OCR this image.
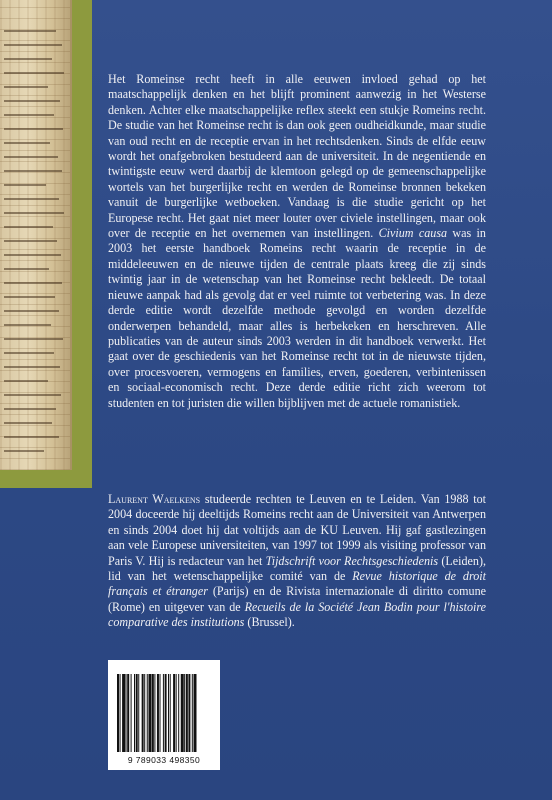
Het Romeinse recht heeft in alle eeuwen invloed gehad op het maatschappelijk denken en het blijft prominent aanwezig in het Westerse denken. Achter elke maatschappelijke reflex steekt een stukje Romeins recht. De studie van het Romeinse recht is dan ook geen oudheidkunde, maar studie van oud recht en de receptie ervan in het rechtsdenken. Sinds de elfde eeuw wordt het onafgebroken bestudeerd aan de universiteit. In de negentiende en twintigste eeuw werd daarbij de klemtoon gelegd op de gemeenschappelijke wortels van het burgerlijke recht en werden de Romeinse bronnen bekeken vanuit de burgerlijke wetboeken. Vandaag is die studie gericht op het Europese recht. Het gaat niet meer louter over civiele instellingen, maar ook over de receptie en het overnemen van instellingen. Civium causa was in 2003 het eerste handboek Romeins recht waarin de receptie in de middeleeuwen en de nieuwe tijden de centrale plaats kreeg die zij sinds twintig jaar in de wetenschap van het Romeinse recht bekleedt. De totaal nieuwe aanpak had als gevolg dat er veel ruimte tot verbetering was. In deze derde editie wordt dezelfde methode gevolgd en worden dezelfde onderwerpen behandeld, maar alles is herbekeken en herschreven. Alle publicaties van de auteur sinds 2003 werden in dit handboek verwerkt. Het gaat over de geschiedenis van het Romeinse recht tot in de nieuwste tijden, over procesvoeren, vermogens en families, erven, goederen, verbintenissen en sociaal-economisch recht. Deze derde editie richt zich weerom tot studenten en tot juristen die willen bijblijven met de actuele romanistiek.

Laurent Waelkens studeerde rechten te Leuven en te Leiden. Van 1988 tot 2004 doceerde hij deeltijds Romeins recht aan de Universiteit van Antwerpen en sinds 2004 doet hij dat voltijds aan de KU Leuven. Hij gaf gastlezingen aan vele Europese universiteiten, van 1997 tot 1999 als visiting professor van Paris V. Hij is redacteur van het Tijdschrift voor Rechtsgeschiedenis (Leiden), lid van het wetenschappelijke comité van de Revue historique de droit français et étranger (Parijs) en de Rivista internazionale di diritto comune (Rome) en uitgever van de Recueils de la Société Jean Bodin pour l'histoire comparative des institutions (Brussel).

9 789033 498350
